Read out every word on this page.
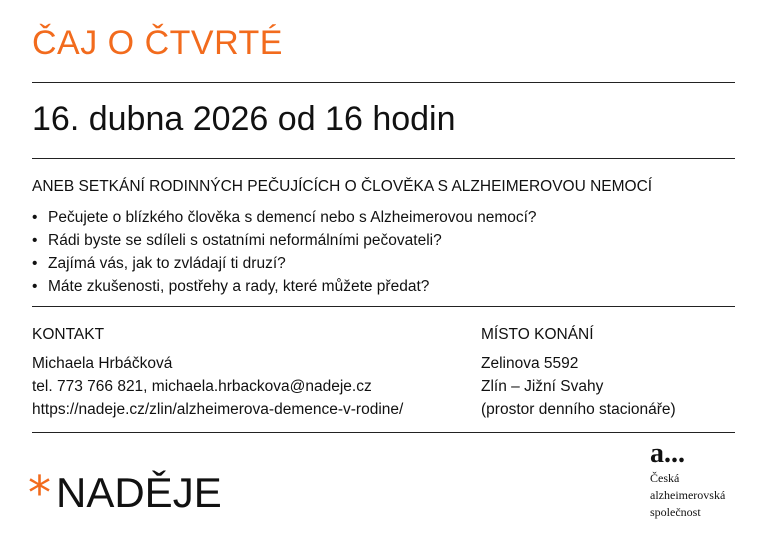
ČAJ O ČTVRTÉ
16. dubna 2026 od 16 hodin
ANEB SETKÁNÍ RODINNÝCH PEČUJÍCÍCH O ČLOVĚKA S ALZHEIMEROVOU NEMOCÍ
• Pečujete o blízkého člověka s demencí nebo s Alzheimerovou nemocí?
• Rádi byste se sdíleli s ostatními neformálními pečovateli?
• Zajímá vás, jak to zvládají ti druzí?
• Máte zkušenosti, postřehy a rady, které můžete předat?
KONTAKT
Michaela Hrbáčková
tel. 773 766 821, michaela.hrbackova@nadeje.cz
https://nadeje.cz/zlin/alzheimerova-demence-v-rodine/
MÍSTO KONÁNÍ
Zelinova 5592
Zlín – Jižní Svahy
(prostor denního stacionáře)
* NADĚJE
a...
Česká
alzheimerovská
společnost
